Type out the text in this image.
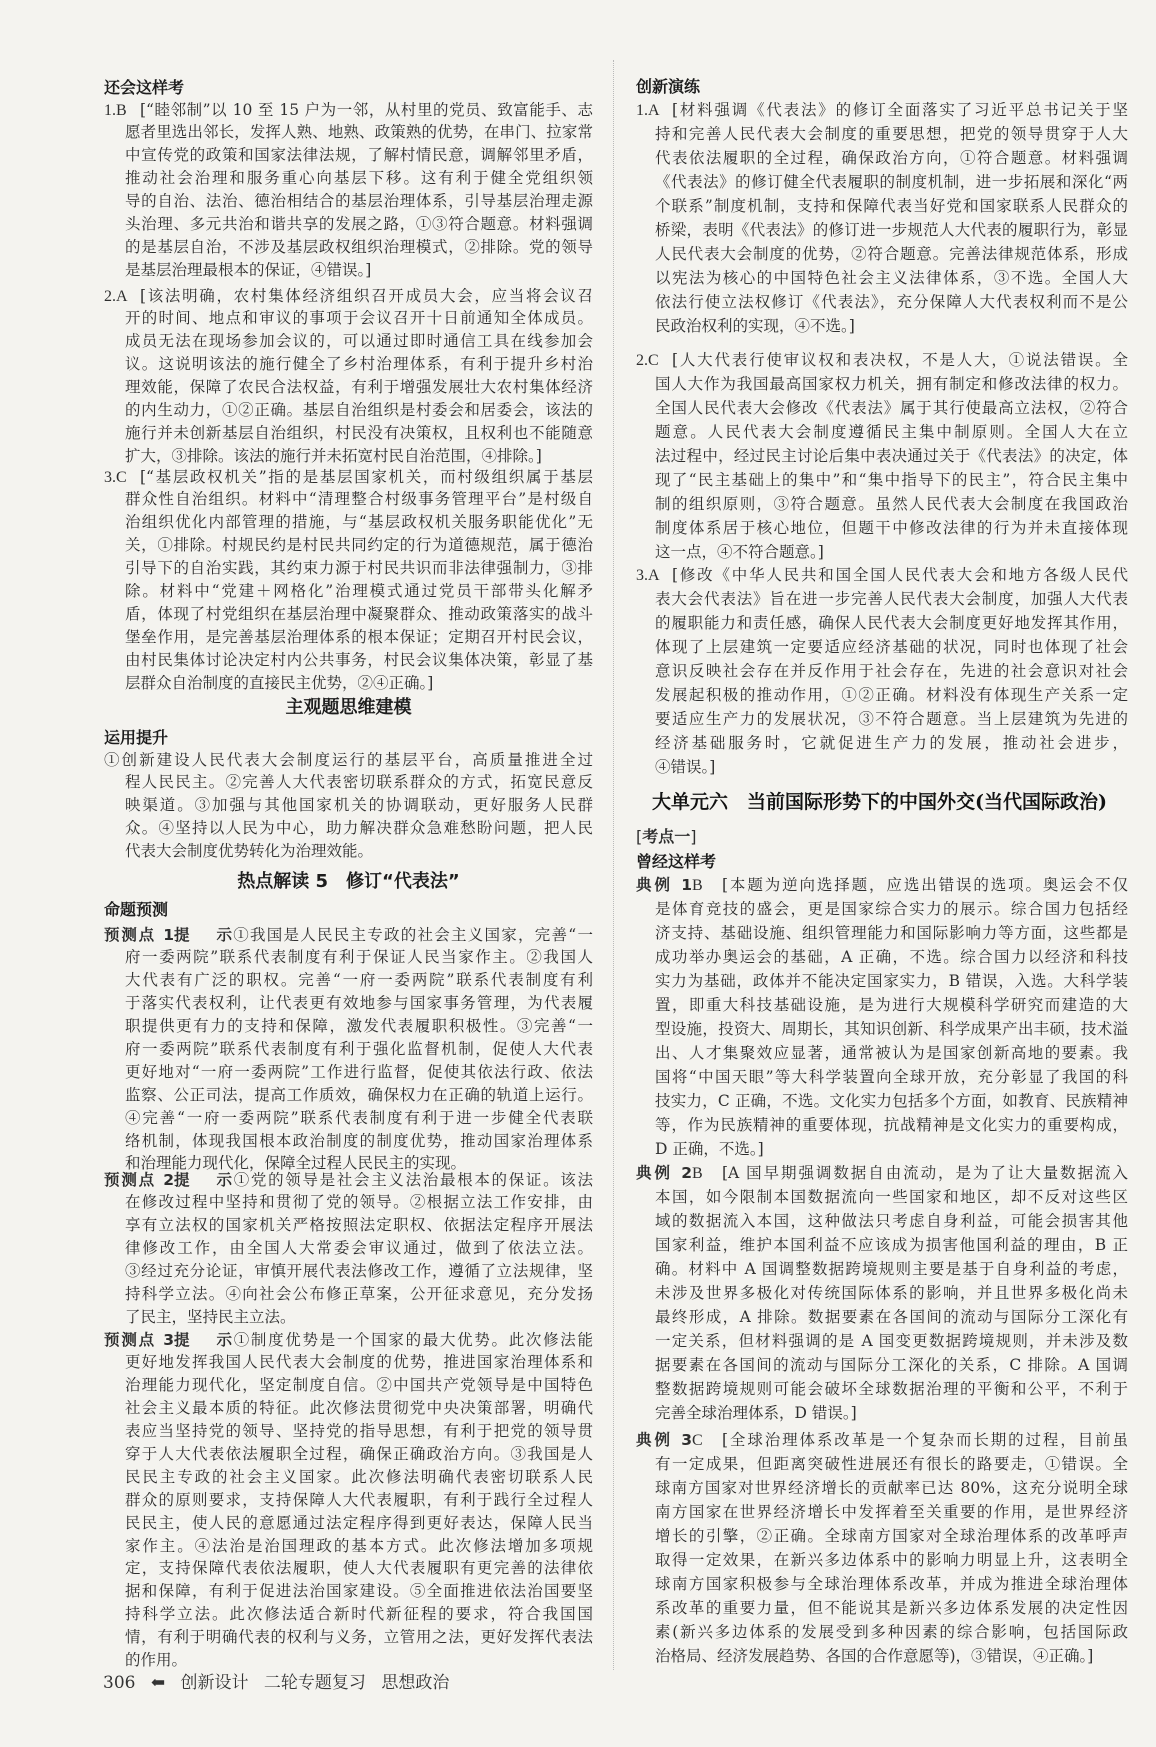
还会这样考
1.B [“睦邻制”以 10 至 15 户为一邻，从村里的党员、致富能手、志
愿者里选出邻长，发挥人熟、地熟、政策熟的优势，在串门、拉家常
中宣传党的政策和国家法律法规，了解村情民意，调解邻里矛盾，
推动社会治理和服务重心向基层下移。这有利于健全党组织领
导的自治、法治、德治相结合的基层治理体系，引导基层治理走源
头治理、多元共治和谐共享的发展之路，①③符合题意。材料强调
的是基层自治，不涉及基层政权组织治理模式，②排除。党的领导
是基层治理最根本的保证，④错误。]
2.A [该法明确，农村集体经济组织召开成员大会，应当将会议召
开的时间、地点和审议的事项于会议召开十日前通知全体成员。
成员无法在现场参加会议的，可以通过即时通信工具在线参加会
议。这说明该法的施行健全了乡村治理体系，有利于提升乡村治
理效能，保障了农民合法权益，有利于增强发展壮大农村集体经济
的内生动力，①②正确。基层自治组织是村委会和居委会，该法的
施行并未创新基层自治组织，村民没有决策权，且权利也不能随意
扩大，③排除。该法的施行并未拓宽村民自治范围，④排除。]
3.C [“基层政权机关”指的是基层国家机关，而村级组织属于基层
群众性自治组织。材料中“清理整合村级事务管理平台”是村级自
治组织优化内部管理的措施，与“基层政权机关服务职能优化”无
关，①排除。村规民约是村民共同约定的行为道德规范，属于德治
引导下的自治实践，其约束力源于村民共识而非法律强制力，③排
除。材料中“党建＋网格化”治理模式通过党员干部带头化解矛
盾，体现了村党组织在基层治理中凝聚群众、推动政策落实的战斗
堡垒作用，是完善基层治理体系的根本保证；定期召开村民会议，
由村民集体讨论决定村内公共事务，村民会议集体决策，彰显了基
层群众自治制度的直接民主优势，②④正确。]
主观题思维建模
运用提升
①创新建设人民代表大会制度运行的基层平台，高质量推进全过
程人民民主。②完善人大代表密切联系群众的方式，拓宽民意反
映渠道。③加强与其他国家机关的协调联动，更好服务人民群
众。④坚持以人民为中心，助力解决群众急难愁盼问题，把人民
代表大会制度优势转化为治理效能。
热点解读 5　修订“代表法”
命题预测
预测点 1提示①我国是人民民主专政的社会主义国家，完善“一
府一委两院”联系代表制度有利于保证人民当家作主。②我国人
大代表有广泛的职权。完善“一府一委两院”联系代表制度有利
于落实代表权利，让代表更有效地参与国家事务管理，为代表履
职提供更有力的支持和保障，激发代表履职积极性。③完善“一
府一委两院”联系代表制度有利于强化监督机制，促使人大代表
更好地对“一府一委两院”工作进行监督，促使其依法行政、依法
监察、公正司法，提高工作质效，确保权力在正确的轨道上运行。
④完善“一府一委两院”联系代表制度有利于进一步健全代表联
络机制，体现我国根本政治制度的制度优势，推动国家治理体系
和治理能力现代化，保障全过程人民民主的实现。
预测点 2提示①党的领导是社会主义法治最根本的保证。该法
在修改过程中坚持和贯彻了党的领导。②根据立法工作安排，由
享有立法权的国家机关严格按照法定职权、依据法定程序开展法
律修改工作，由全国人大常委会审议通过，做到了依法立法。
③经过充分论证，审慎开展代表法修改工作，遵循了立法规律，坚
持科学立法。④向社会公布修正草案，公开征求意见，充分发扬
了民主，坚持民主立法。
预测点 3提示①制度优势是一个国家的最大优势。此次修法能
更好地发挥我国人民代表大会制度的优势，推进国家治理体系和
治理能力现代化，坚定制度自信。②中国共产党领导是中国特色
社会主义最本质的特征。此次修法贯彻党中央决策部署，明确代
表应当坚持党的领导、坚持党的指导思想，有利于把党的领导贯
穿于人大代表依法履职全过程，确保正确政治方向。③我国是人
民民主专政的社会主义国家。此次修法明确代表密切联系人民
群众的原则要求，支持保障人大代表履职，有利于践行全过程人
民民主，使人民的意愿通过法定程序得到更好表达，保障人民当
家作主。④法治是治国理政的基本方式。此次修法增加多项规
定，支持保障代表依法履职，使人大代表履职有更完善的法律依
据和保障，有利于促进法治国家建设。⑤全面推进依法治国要坚
持科学立法。此次修法适合新时代新征程的要求，符合我国国
情，有利于明确代表的权利与义务，立管用之法，更好发挥代表法
的作用。
306 ⬅ 创新设计 二轮专题复习 思想政治
创新演练
1.A [材料强调《代表法》的修订全面落实了习近平总书记关于坚
持和完善人民代表大会制度的重要思想，把党的领导贯穿于人大
代表依法履职的全过程，确保政治方向，①符合题意。材料强调
《代表法》的修订健全代表履职的制度机制，进一步拓展和深化“两
个联系”制度机制，支持和保障代表当好党和国家联系人民群众的
桥梁，表明《代表法》的修订进一步规范人大代表的履职行为，彰显
人民代表大会制度的优势，②符合题意。完善法律规范体系，形成
以宪法为核心的中国特色社会主义法律体系，③不选。全国人大
依法行使立法权修订《代表法》，充分保障人大代表权利而不是公
民政治权利的实现，④不选。]
2.C [人大代表行使审议权和表决权，不是人大，①说法错误。全
国人大作为我国最高国家权力机关，拥有制定和修改法律的权力。
全国人民代表大会修改《代表法》属于其行使最高立法权，②符合
题意。人民代表大会制度遵循民主集中制原则。全国人大在立
法过程中，经过民主讨论后集中表决通过关于《代表法》的决定，体
现了“民主基础上的集中”和“集中指导下的民主”，符合民主集中
制的组织原则，③符合题意。虽然人民代表大会制度在我国政治
制度体系居于核心地位，但题干中修改法律的行为并未直接体现
这一点，④不符合题意。]
3.A [修改《中华人民共和国全国人民代表大会和地方各级人民代
表大会代表法》旨在进一步完善人民代表大会制度，加强人大代表
的履职能力和责任感，确保人民代表大会制度更好地发挥其作用，
体现了上层建筑一定要适应经济基础的状况，同时也体现了社会
意识反映社会存在并反作用于社会存在，先进的社会意识对社会
发展起积极的推动作用，①②正确。材料没有体现生产关系一定
要适应生产力的发展状况，③不符合题意。当上层建筑为先进的
经济基础服务时，它就促进生产力的发展，推动社会进步，
④错误。]
大单元六　当前国际形势下的中国外交(当代国际政治)
[考点一]
曾经这样考
典例 1B [本题为逆向选择题，应选出错误的选项。奥运会不仅
是体育竞技的盛会，更是国家综合实力的展示。综合国力包括经
济支持、基础设施、组织管理能力和国际影响力等方面，这些都是
成功举办奥运会的基础，A 正确，不选。综合国力以经济和科技
实力为基础，政体并不能决定国家实力，B 错误，入选。大科学装
置，即重大科技基础设施，是为进行大规模科学研究而建造的大
型设施，投资大、周期长，其知识创新、科学成果产出丰硕，技术溢
出、人才集聚效应显著，通常被认为是国家创新高地的要素。我
国将“中国天眼”等大科学装置向全球开放，充分彰显了我国的科
技实力，C 正确，不选。文化实力包括多个方面，如教育、民族精神
等，作为民族精神的重要体现，抗战精神是文化实力的重要构成，
D 正确，不选。]
典例 2B [A 国早期强调数据自由流动，是为了让大量数据流入
本国，如今限制本国数据流向一些国家和地区，却不反对这些区
域的数据流入本国，这种做法只考虑自身利益，可能会损害其他
国家利益，维护本国利益不应该成为损害他国利益的理由，B 正
确。材料中 A 国调整数据跨境规则主要是基于自身利益的考虑，
未涉及世界多极化对传统国际体系的影响，并且世界多极化尚未
最终形成，A 排除。数据要素在各国间的流动与国际分工深化有
一定关系，但材料强调的是 A 国变更数据跨境规则，并未涉及数
据要素在各国间的流动与国际分工深化的关系，C 排除。A 国调
整数据跨境规则可能会破坏全球数据治理的平衡和公平，不利于
完善全球治理体系，D 错误。]
典例 3C [全球治理体系改革是一个复杂而长期的过程，目前虽
有一定成果，但距离突破性进展还有很长的路要走，①错误。全
球南方国家对世界经济增长的贡献率已达 80%，这充分说明全球
南方国家在世界经济增长中发挥着至关重要的作用，是世界经济
增长的引擎，②正确。全球南方国家对全球治理体系的改革呼声
取得一定效果，在新兴多边体系中的影响力明显上升，这表明全
球南方国家积极参与全球治理体系改革，并成为推进全球治理体
系改革的重要力量，但不能说其是新兴多边体系发展的决定性因
素(新兴多边体系的发展受到多种因素的综合影响，包括国际政
治格局、经济发展趋势、各国的合作意愿等)，③错误，④正确。]
